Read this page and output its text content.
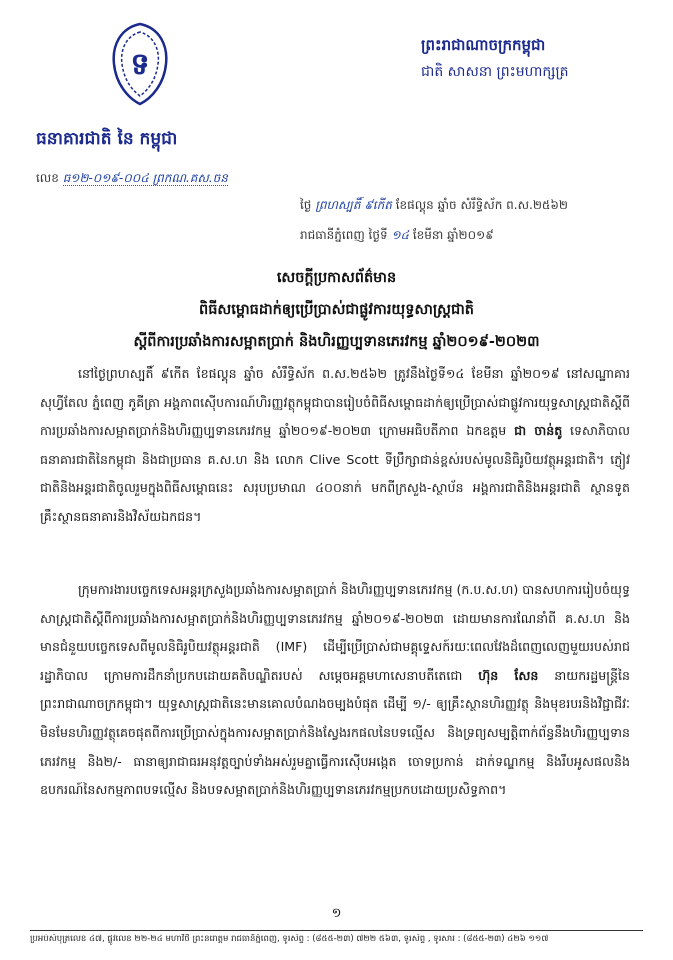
ទ
ព្រះរាជាណាចក្រកម្ពុជា
ជាតិ សាសនា ព្រះមហាក្សត្រ
ធនាគារជាតិ នៃ កម្ពុជា
លេខ ធ១២-០១៩-០០៤ ព្រកណ.គស.ចន
ថ្ងៃ ព្រហស្បតិ៍ ៩កើត ខែផល្គុន ឆ្នាំច សំរឹទ្ធិស័ក ព.ស.២៥៦២
រាជធានីភ្នំពេញ ថ្ងៃទី ១៤ ខែមីនា ឆ្នាំ២០១៩
សេចក្តីប្រកាសព័ត៌មាន
ពិធីសម្ពោធដាក់ឲ្យប្រើប្រាស់ជាផ្លូវការយុទ្ធសាស្ត្រជាតិ
ស្តីពីការប្រឆាំងការសម្អាតប្រាក់ និងហិរញ្ញប្បទានភេរវកម្ម ឆ្នាំ២០១៩-២០២៣

នៅថ្ងៃព្រហស្បតិ៍ ៩កើត ខែផល្គុន ឆ្នាំច សំរឹទ្ធិស័ក ព.ស.២៥៦២ ត្រូវនឹងថ្ងៃទី១៤ ខែមីនា ឆ្នាំ២០១៩ នៅសណ្ឋាគារ សុហ្វីតែល ភ្នំពេញ ភូគីត្រា អង្គភាពស៊ើបការណ៍ហិរញ្ញវត្ថុកម្ពុជាបានរៀបចំពិធីសម្ពោធដាក់ឲ្យប្រើប្រាស់ជាផ្លូវការយុទ្ធសាស្ត្រជាតិស្តីពីការប្រឆាំងការសម្អាតប្រាក់និងហិរញ្ញប្បទានភេរវកម្ម ឆ្នាំ២០១៩-២០២៣ ក្រោមអធិបតីភាព ឯកឧត្តម ជា ចាន់តូ ទេសាភិបាលធនាគារជាតិនៃកម្ពុជា និងជាប្រធាន គ.ស.ហ និង លោក Clive Scott ទីប្រឹក្សាជាន់ខ្ពស់របស់មូលនិធិរូបិយវត្ថុអន្តរជាតិ។ ភ្ញៀវជាតិនិងអន្តរជាតិចូលរួមក្នុងពិធីសម្ពោធនេះ សរុបប្រមាណ ៤០០នាក់ មកពីក្រសួង-ស្ថាប័ន អង្គការជាតិនិងអន្តរជាតិ ស្ថានទូត គ្រឹះស្ថានធនាគារនិងវិស័យឯកជន។

ក្រុមការងារបច្ចេកទេសអន្តរក្រសួងប្រឆាំងការសម្អាតប្រាក់ និងហិរញ្ញប្បទានភេរវកម្ម (ក.ប.ស.ហ) បានសហការរៀបចំយុទ្ធសាស្ត្រជាតិស្តីពីការប្រឆាំងការសម្អាតប្រាក់និងហិរញ្ញប្បទានភេរវកម្ម ឆ្នាំ២០១៩-២០២៣ ដោយមានការណែនាំពី គ.ស.ហ និងមានជំនួយបច្ចេកទេសពីមូលនិធិរូបិយវត្ថុអន្តរជាតិ (IMF) ដើម្បីប្រើប្រាស់ជាមគ្គុទ្ទេសក៍រយៈពេលវែងដ៏ពេញលេញមួយរបស់រាជរដ្ឋាភិបាល ក្រោមការដឹកនាំប្រកបដោយគតិបណ្ឌិតរបស់ សម្តេចអគ្គមហាសេនាបតីតេជោ ហ៊ុន សែន នាយករដ្ឋមន្ត្រីនៃព្រះរាជាណាចក្រកម្ពុជា។ យុទ្ធសាស្ត្រជាតិនេះមានគោលបំណងចម្បងបំផុត ដើម្បី ១/- ឲ្យគ្រឹះស្ថានហិរញ្ញវត្ថុ និងមុខរបរនិងវិជ្ជាជីវៈមិនមែនហិរញ្ញវត្ថុគេចផុតពីការប្រើប្រាស់ក្នុងការសម្អាតប្រាក់និងស្វែងរកផលនៃបទល្មើស និងទ្រព្យសម្បត្តិពាក់ព័ន្ធនឹងហិរញ្ញប្បទានភេរវកម្ម និង២/- ធានាឲ្យរាជាធរអនុវត្តច្បាប់ទាំងអស់រួមគ្នាធ្វើការស៊ើបអង្កេត ចោទប្រកាន់ ដាក់ទណ្ឌកម្ម និងរឹបអូសផលនិងឧបករណ៍នៃសកម្មភាពបទល្មើស និងបទសម្អាតប្រាក់និងហិរញ្ញប្បទានភេរវកម្មប្រកបដោយប្រសិទ្ធភាព។

១
ប្រអប់សំបុត្រលេខ ៤៧, ផ្លូវលេខ ២២-២៤ មហាវិថី ព្រះនរោត្តម រាជធានីភ្នំពេញ, ទូរស័ព្ទ : (៨៥៥-២៣) ៧២២ ៥៦៣, ទូរស័ព្ទ , ទូរសារ : (៨៥៥-២៣) ៤២៦ ១១៧
